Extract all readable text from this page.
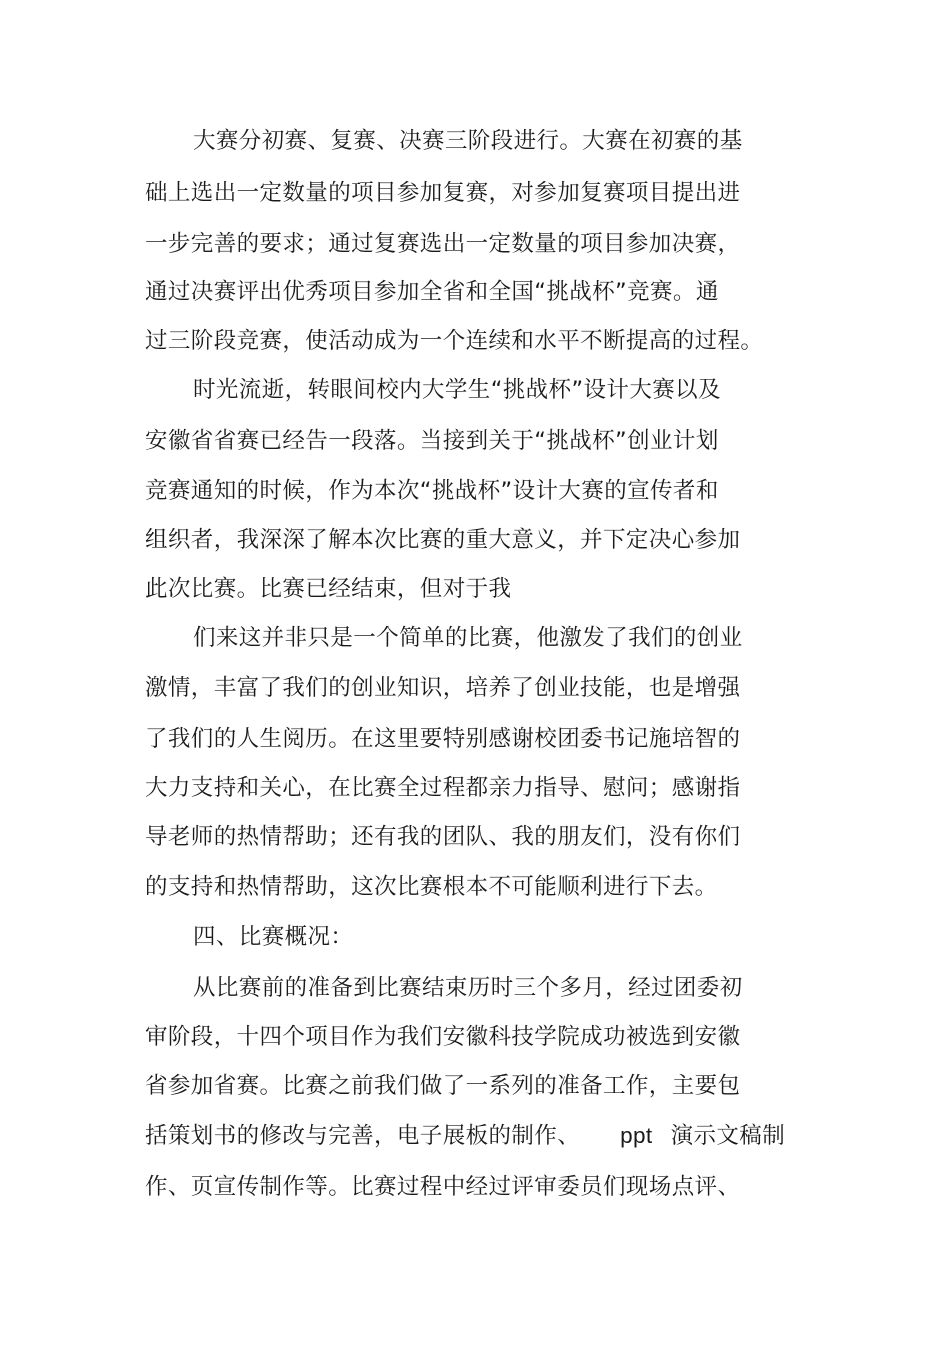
大赛分初赛、复赛、决赛三阶段进行。大赛在初赛的基
础上选出一定数量的项目参加复赛，对参加复赛项目提出进
一步完善的要求；通过复赛选出一定数量的项目参加决赛，
通过决赛评出优秀项目参加全省和全国“挑战杯”竞赛。通
过三阶段竞赛，使活动成为一个连续和水平不断提高的过程。
时光流逝，转眼间校内大学生“挑战杯”设计大赛以及
安徽省省赛已经告一段落。当接到关于“挑战杯”创业计划
竞赛通知的时候，作为本次“挑战杯”设计大赛的宣传者和
组织者，我深深了解本次比赛的重大意义，并下定决心参加
此次比赛。比赛已经结束，但对于我
们来这并非只是一个简单的比赛，他激发了我们的创业
激情，丰富了我们的创业知识，培养了创业技能，也是增强
了我们的人生阅历。在这里要特别感谢校团委书记施培智的
大力支持和关心，在比赛全过程都亲力指导、慰问；感谢指
导老师的热情帮助；还有我的团队、我的朋友们，没有你们
的支持和热情帮助，这次比赛根本不可能顺利进行下去。
四、比赛概况：
从比赛前的准备到比赛结束历时三个多月，经过团委初
审阶段，十四个项目作为我们安徽科技学院成功被选到安徽
省参加省赛。比赛之前我们做了一系列的准备工作，主要包
括策划书的修改与完善，电子展板的制作、 ppt 演示文稿制
作、页宣传制作等。比赛过程中经过评审委员们现场点评、
